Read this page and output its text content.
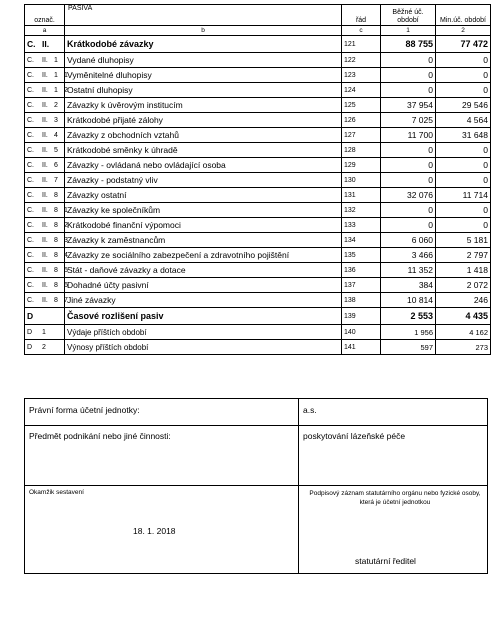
označ.	PASIVA	řád	Běžné úč. období	Min.úč. období
a	b	c	1	2
C. II.	Krátkodobé závazky	121	88 755	77 472
C. II. 1	Vydané dluhopisy	122	0	0
C. II. 1 1	Vyměnitelné dluhopisy	123	0	0
C. II. 1 2	Ostatní dluhopisy	124	0	0
C. II. 2	Závazky k úvěrovým institucím	125	37 954	29 546
C. II. 3	Krátkodobé přijaté zálohy	126	7 025	4 564
C. II. 4	Závazky z obchodních vztahů	127	11 700	31 648
C. II. 5	Krátkodobé směnky k úhradě	128	0	0
C. II. 6	Závazky - ovládaná nebo ovládající osoba	129	0	0
C. II. 7	Závazky - podstatný vliv	130	0	0
C. II. 8	Závazky ostatní	131	32 076	11 714
C. II. 8 1	Závazky ke společníkům	132	0	0
C. II. 8 2	Krátkodobé finanční výpomoci	133	0	0
C. II. 8 3	Závazky k zaměstnancům	134	6 060	5 181
C. II. 8 4	Závazky ze sociálního zabezpečení a zdravotního pojištění	135	3 466	2 797
C. II. 8 5	Stát - daňové závazky a dotace	136	11 352	1 418
C. II. 8 6	Dohadné účty pasivní	137	384	2 072
C. II. 8 7	Jiné závazky	138	10 814	246
D	Časové rozlišení pasiv	139	2 553	4 435
D 1	Výdaje příštích období	140	1 956	4 162
D 2	Výnosy příštích období	141	597	273
Právní forma účetní jednotky:	a.s.
Předmět podnikání nebo jiné činnosti:	poskytování lázeňské péče
Okamžik sestavení
18. 1. 2018
Podpisový záznam statutárního orgánu nebo fyzické osoby, která je účetní jednotkou
statutární ředitel
